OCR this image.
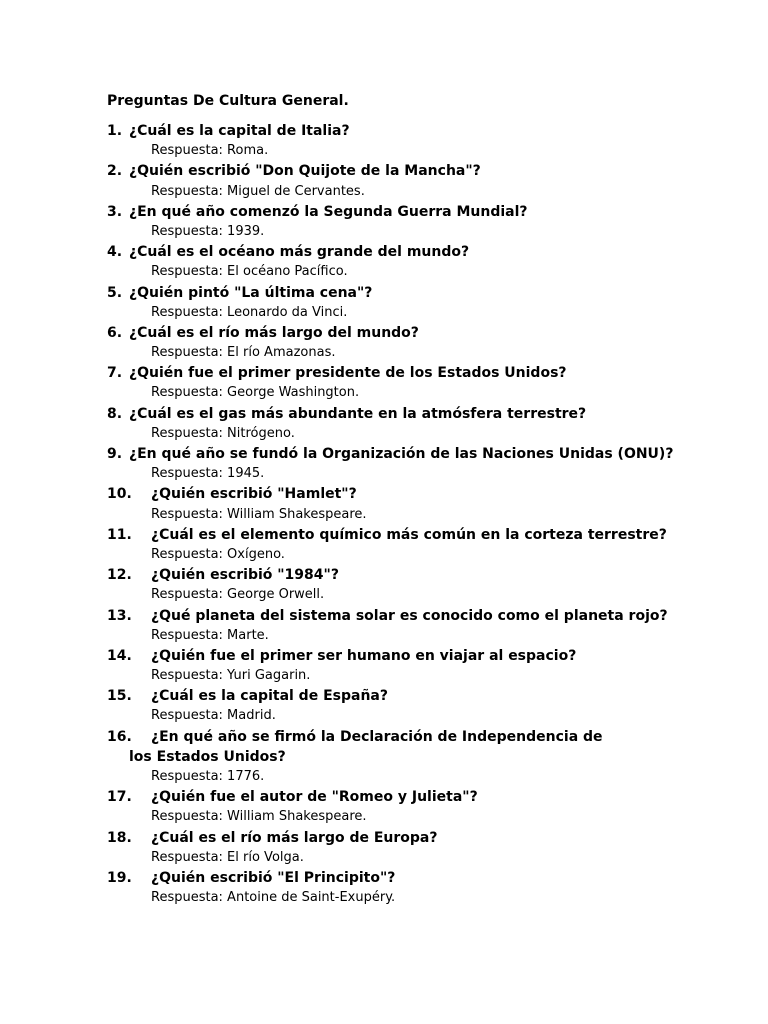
Preguntas De Cultura General.
1. ¿Cuál es la capital de Italia?
Respuesta: Roma.
2. ¿Quién escribió "Don Quijote de la Mancha"?
Respuesta: Miguel de Cervantes.
3. ¿En qué año comenzó la Segunda Guerra Mundial?
Respuesta: 1939.
4. ¿Cuál es el océano más grande del mundo?
Respuesta: El océano Pacífico.
5. ¿Quién pintó "La última cena"?
Respuesta: Leonardo da Vinci.
6. ¿Cuál es el río más largo del mundo?
Respuesta: El río Amazonas.
7. ¿Quién fue el primer presidente de los Estados Unidos?
Respuesta: George Washington.
8. ¿Cuál es el gas más abundante en la atmósfera terrestre?
Respuesta: Nitrógeno.
9. ¿En qué año se fundó la Organización de las Naciones Unidas (ONU)?
Respuesta: 1945.
10. ¿Quién escribió "Hamlet"?
Respuesta: William Shakespeare.
11. ¿Cuál es el elemento químico más común en la corteza terrestre?
Respuesta: Oxígeno.
12. ¿Quién escribió "1984"?
Respuesta: George Orwell.
13. ¿Qué planeta del sistema solar es conocido como el planeta rojo?
Respuesta: Marte.
14. ¿Quién fue el primer ser humano en viajar al espacio?
Respuesta: Yuri Gagarin.
15. ¿Cuál es la capital de España?
Respuesta: Madrid.
16.	¿En qué año se firmó la Declaración de Independencia de los Estados Unidos?
Respuesta: 1776.
17. ¿Quién fue el autor de "Romeo y Julieta"?
Respuesta: William Shakespeare.
18. ¿Cuál es el río más largo de Europa?
Respuesta: El río Volga.
19. ¿Quién escribió "El Principito"?
Respuesta: Antoine de Saint-Exupéry.
